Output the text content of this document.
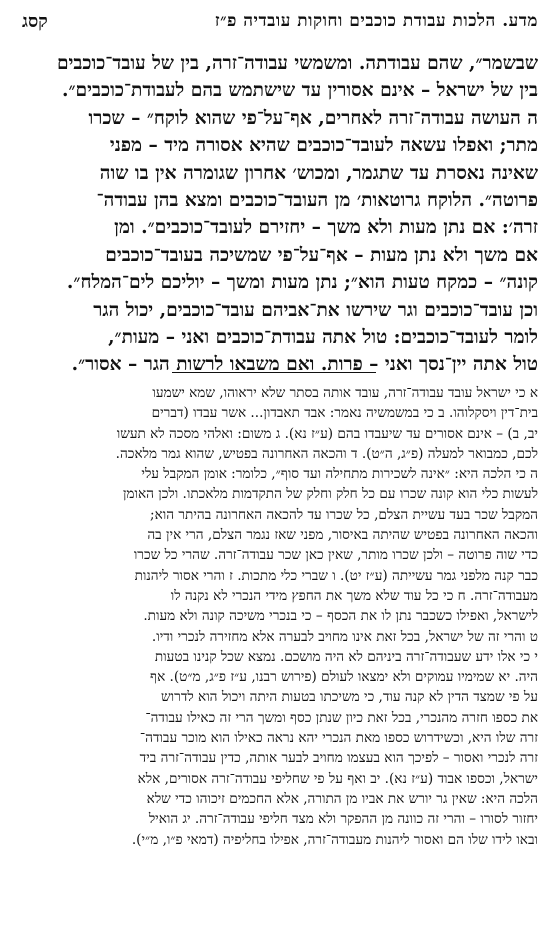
מדע. הלכות עבודת כוכבים וחוקות עובדיה פ״ז
קסג
שבשמר״, שהם עבודתה. ומשמשי עבודה־זרה, בין של עובד־כוכבים
בין של ישראל – אינם אסורין עד שישתמש בהם לעבודת־כוכבים״.
ה העושה עבודה־זרה לאחרים, אף־על־פי שהוא לוקח״ – שכרו
מתר; ואפלו עשאה לעובד־כוכבים שהיא אסורה מיד – מפני
שאינה נאסרת עד שתגמר, ומכוש׳ אחרון שגומרה אין בו שוה
פרוטה״. הלוקח גרוטאות׳ מן העובד־כוכבים ומצא בהן עבודה־
זרה׳: אם נתן מעות ולא משך – יחזירם לעובד־כוכבים״. ומן
אם משך ולא נתן מעות – אף־על־פי שמשיכה בעובד־כוכבים
קונה״ – כמקח טעות הוא״; נתן מעות ומשך – יוליכם לים־המלח״.
וכן עובד־כוכבים וגר שירשו את־אביהם עובד־כוכבים, יכול הגר
לומר לעובד־כוכבים: טול אתה עבודת־כוכבים ואני – מעות״,
טול אתה יין־נסך ואני – פרות. ואם משבאו לרשות הגר – אסור״.
א כי ישראל עובד עבודה־זרה, עובד אותה בסתר שלא יראוהו, שמא ישמעו
בית־דין ויסקלוהו. ב כי במשמשיה נאמר: אבד תאבדון... אשר עבדו (דברים
יב, ב) – אינם אסורים עד שיעבדו בהם (ע״ז נא). ג משום: ואלהי מסכה לא תעשו
לכם, כמבואר למעלה (פ״ג, ה״ט). ד והכאה האחרונה בפטיש, שהוא גמר מלאכה.
ה כי הלכה היא: ״אינה לשכירות מתחילה ועד סוף״, כלומר: אומן המקבל עלי
לעשות כלי הוא קונה שכרו עם כל חלק וחלק של התקדמות מלאכתו. ולכן האומן
המקבל שכר בעד עשיית הצלם, כל שכרו עד להכאה האחרונה בהיתר הוא;
והכאה האחרונה בפטיש שהיתה באיסור, מפני שאז נגמר הצלם, הרי אין בה
כדי שוה פרוטה – ולכן שכרו מותר, שאין כאן שכר עבודה־זרה. שהרי כל שכרו
כבר קנה מלפני גמר עשייתה (ע״ז יט). ו שברי כלי מתכות. ז והרי אסור ליהנות
מעבודה־זרה. ח כי כל עוד שלא משך את החפץ מידי הנכרי לא נקנה לו
לישראל, ואפילו כשכבר נתן לו את הכסף – כי בנכרי משיכה קונה ולא מעות.
ט והרי זה של ישראל, בכל זאת אינו מחויב לבערה אלא מחזירה לנכרי ודיו.
י כי אלו ידע שעבודה־זרה ביניהם לא היה מושכם. נמצא שכל קנינו בטעות
היה. יא שמימיו עמוקים ולא ימצאו לעולם (פירוש רבנו, ע״ז פ״ג, מ״ט). אף
על פי שמצד הדין לא קנה עוד, כי משיכתו בטעות היתה ויכול הוא לדרוש
את כספו חזרה מהנכרי, בכל זאת כיון שנתן כסף ומשך הרי זה כאילו עבודה־
זרה שלו היא, וכשידרוש כספו מאת הנכרי יהא נראה כאילו הוא מוכר עבודה־
זרה לנכרי ואסור – לפיכך הוא בעצמו מחויב לבער אותה, כדין עבודה־זרה ביד
ישראל, וכספו אבוד (ע״ז נא). יב ואף על פי שחליפי עבודה־זרה אסורים, אלא
הלכה היא: שאין גר יורש את אביו מן התורה, אלא החכמים זיכוהו כדי שלא
יחזור לסורו – והרי זה כוונה מן ההפקר ולא מצד חליפי עבודה־זרה. יג הואיל
ובאו לידו שלו הם ואסור ליהנות מעבודה־זרה, אפילו בחליפיה (דמאי פ״ו, מ״י).
